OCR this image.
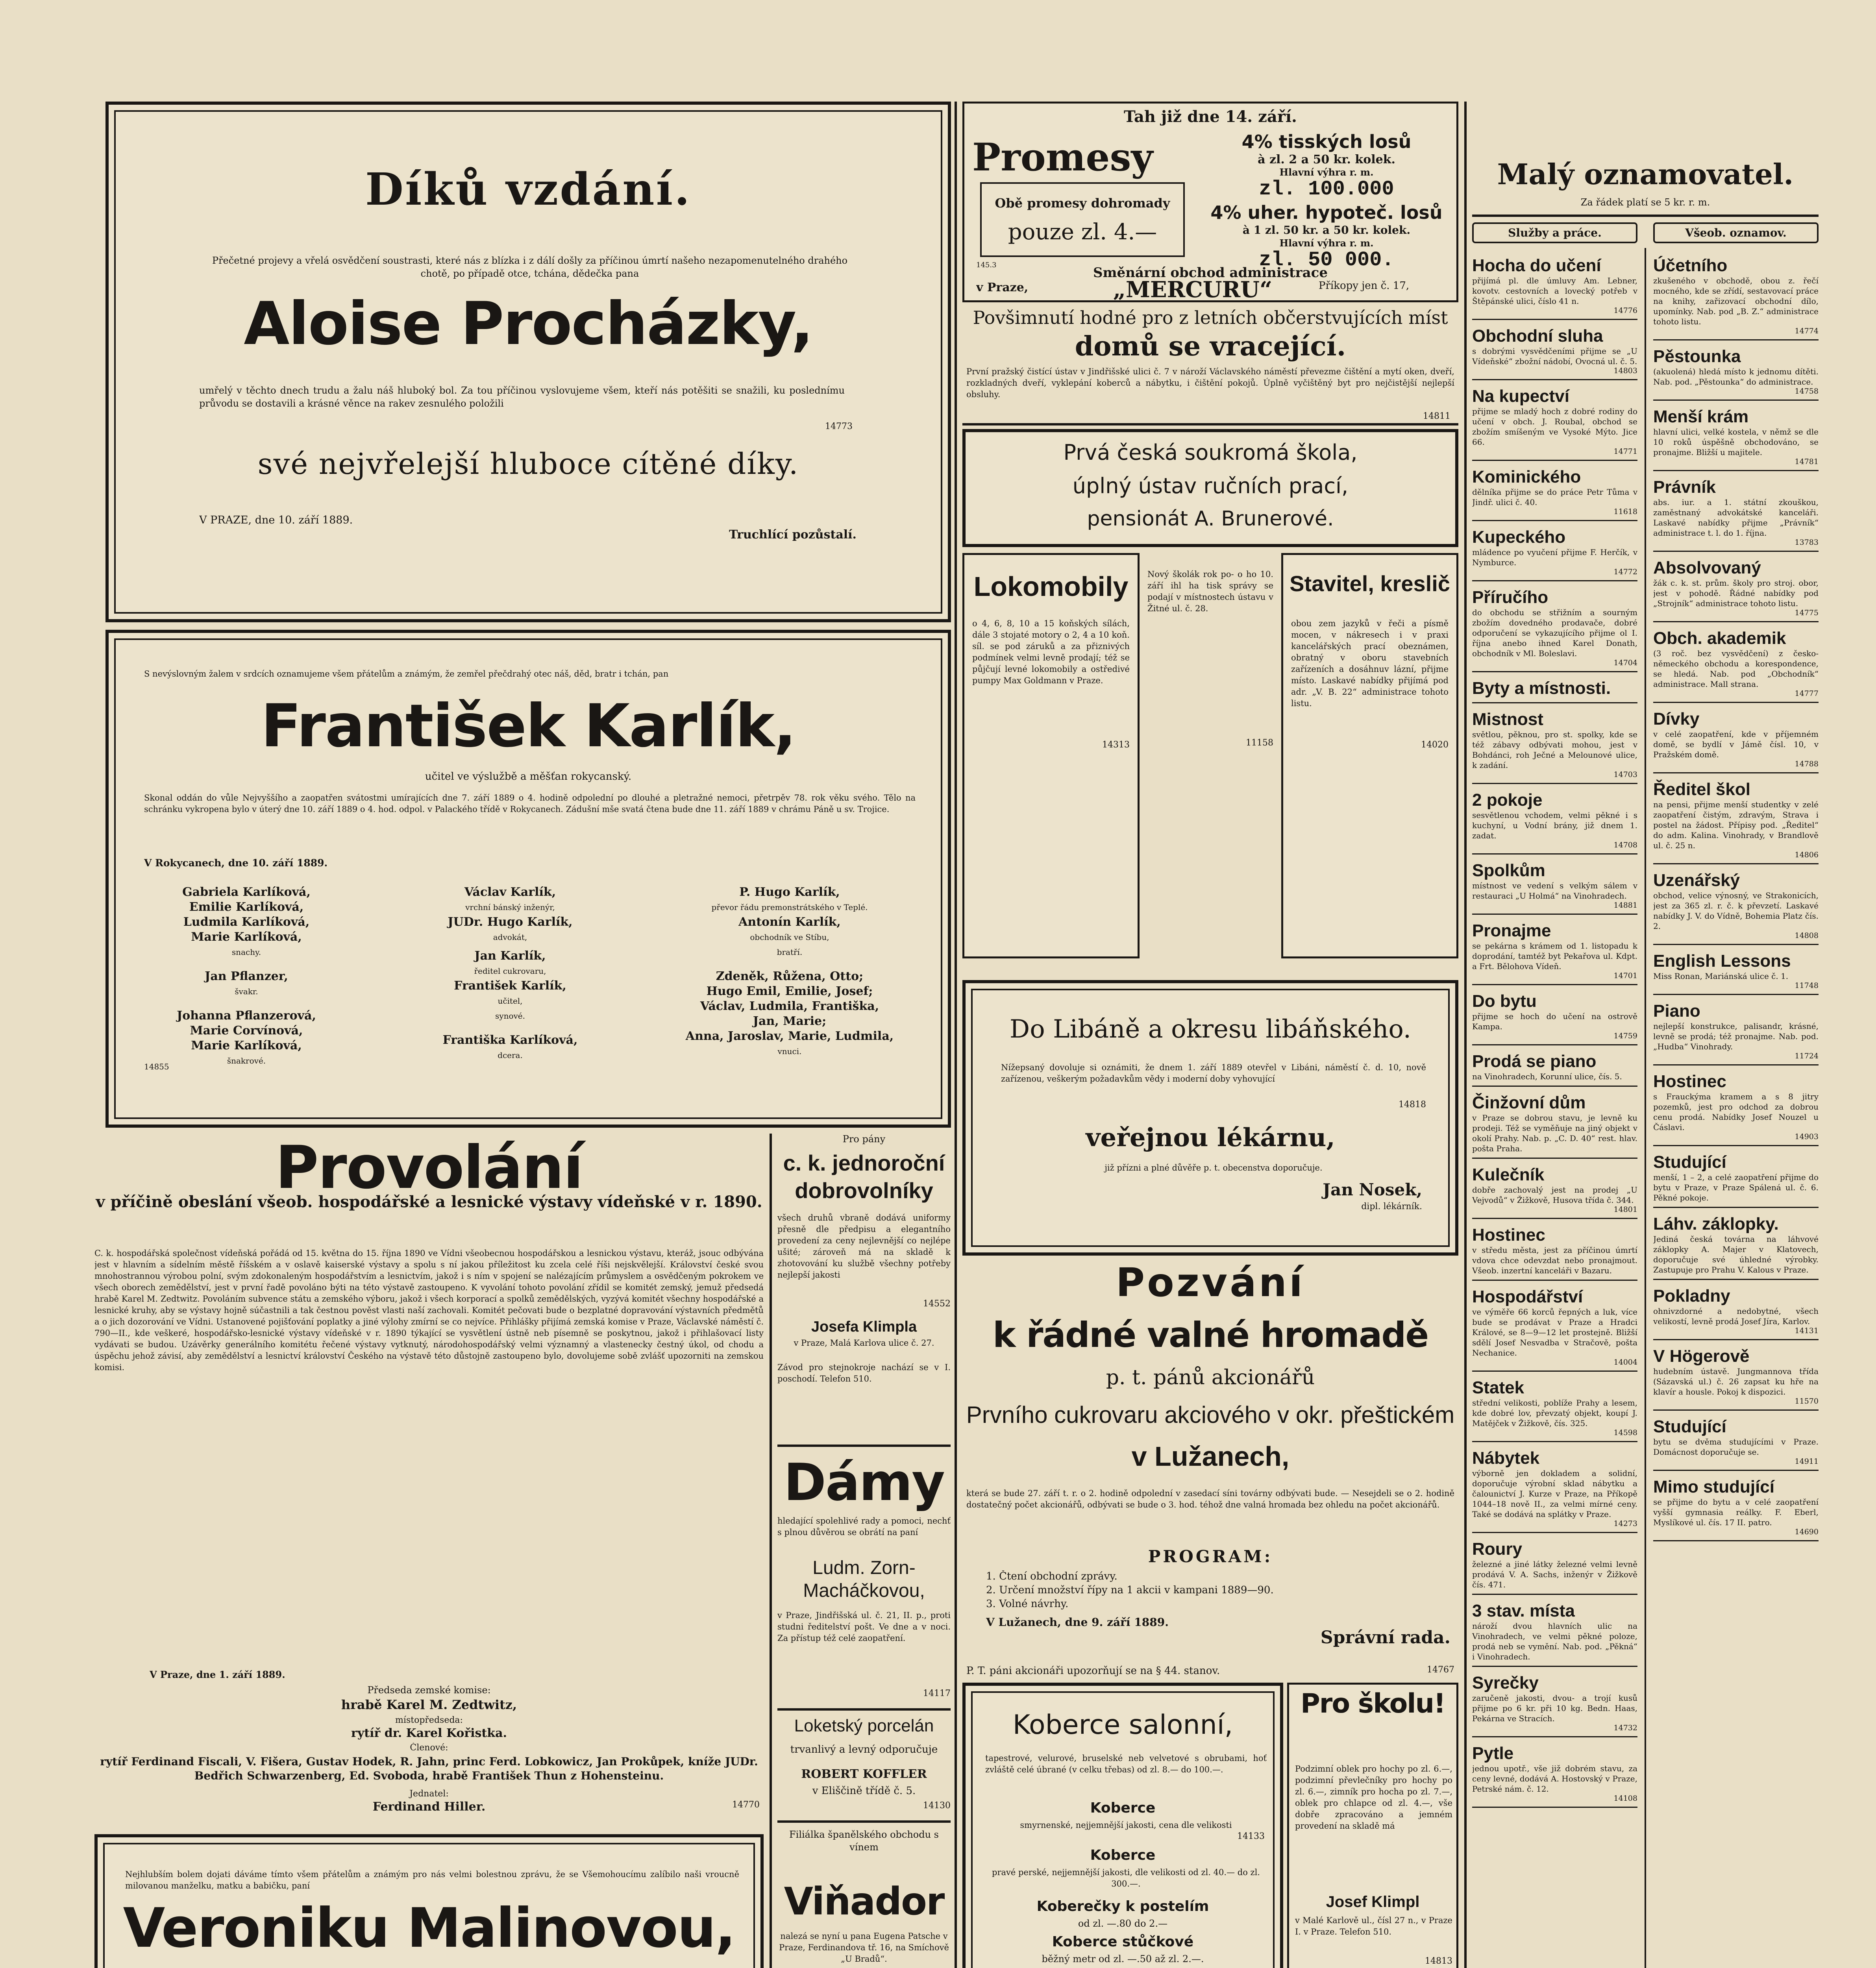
Díků vzdání.
Přečetné projevy a vřelá osvědčení soustrasti, které nás z blízka i z dálí došly za příčinou úmrtí našeho nezapomenutelného drahého chotě, po případě otce, tchána, dědečka pana
Aloise Procházky,
umřelý v těchto dnech trudu a žalu náš hluboký bol. Za tou příčinou vyslovujeme všem, kteří nás potěšiti se snažili, ku poslednímu průvodu se dostavili a krásné věnce na rakev zesnulého položili
14773
své nejvřelejší hluboce cítěné díky.
V PRAZE, dne 10. září 1889.
Truchlící pozůstalí.
S nevýslovným žalem v srdcích oznamujeme všem přátelům a známým, že zemřel přečdrahý otec náš, děd, bratr i tchán, pan
František Karlík,
učitel ve výslužbě a měšťan rokycanský.
Skonal oddán do vůle Nejvyššího a zaopatřen svátostmi umírajících dne 7. září 1889 o 4. hodině odpolední po dlouhé a pletražné nemoci, přetrpěv 78. rok věku svého. Tělo na schránku vykropena bylo v úterý dne 10. září 1889 o 4. hod. odpol. v Palackého třídě v Rokycanech. Zádušní mše svatá čtena bude dne 11. září 1889 v chrámu Páně u sv. Trojice.
V Rokycanech, dne 10. září 1889.
Gabriela Karlíková,
Emilie Karlíková,
Ludmila Karlíková,
Marie Karlíková,
snachy.
Jan Pflanzer,
švakr.
Johanna Pflanzerová,
Marie Corvínová,
Marie Karlíková,
šnakrové.
Václav Karlík,
vrchní bánský inženýr,
JUDr. Hugo Karlík,
advokát,
Jan Karlík,
ředitel cukrovaru,
František Karlík,
učitel,
synové.
Františka Karlíková,
dcera.
P. Hugo Karlík,
převor řádu premonstrátského v Teplé.
Antonín Karlík,
obchodník ve Stíbu,
bratří.
Zdeněk, Růžena, Otto;
Hugo Emil, Emilie, Josef;
Václav, Ludmila, Františka,
Jan, Marie;
Anna, Jaroslav, Marie, Ludmila,
vnuci.
14855
Provolání
v příčině obeslání všeob. hospodářské a lesnické výstavy vídeňské v r. 1890.
C. k. hospodářská společnost vídeňská pořádá od 15. května do 15. října 1890 ve Vídni všeobecnou hospodářskou a lesnickou výstavu, kteráž, jsouc odbývána jest v hlavním a sídelním městě říšském a v oslavě kaiserské výstavy a spolu s ní jakou příležitost ku zcela celé říši nejskvělejší. Království české svou mnohostrannou výrobou polní, svým zdokonaleným hospodářstvím a lesnictvím, jakož i s ním v spojení se nalézajícím průmyslem a osvědčeným pokrokem ve všech oborech zemědělství, jest v první řadě povoláno býti na této výstavě zastoupeno. K vyvolání tohoto povolání zřídil se komitét zemský, jemuž předsedá hrabě Karel M. Zedtwitz. Povoláním subvence státu a zemského výboru, jakož i všech korporací a spolků zemědělských, vyzývá komitét všechny hospodářské a lesnické kruhy, aby se výstavy hojně súčastnili a tak čestnou pověst vlasti naší zachovali. Komitét pečovati bude o bezplatné dopravování výstavních předmětů a o jich dozorování ve Vídni. Ustanovené pojišťování poplatky a jiné výlohy zmírní se co nejvíce. Přihlášky přijímá zemská komise v Praze, Václavské náměstí č. 790—II., kde veškeré, hospodářsko-lesnické výstavy vídeňské v r. 1890 týkající se vysvětlení ústně neb písemně se poskytnou, jakož i přihlašovací listy vydávati se budou. Uzávěrky generálního komitétu řečené výstavy vytknutý, národohospodářský velmi významný a vlastenecky čestný úkol, od chodu a úspěchu jehož závisí, aby zemědělství a lesnictví království Českého na výstavě této důstojně zastoupeno bylo, dovolujeme sobě zvlášť upozorniti na zemskou komisi.
V Praze, dne 1. září 1889.
Předseda zemské komise:
hrabě Karel M. Zedtwitz,
místopředseda:
rytíř dr. Karel Kořistka.
Členové:
rytíř Ferdinand Fiscali, V. Fišera, Gustav Hodek, R. Jahn, princ Ferd. Lobkowicz, Jan Prokůpek, kníže JUDr. Bedřich Schwarzenberg, Ed. Svoboda, hrabě František Thun z Hohensteinu.
Jednatel:
Ferdinand Hiller.	14770
Nejhlubším bolem dojati dáváme tímto všem přátelům a známým pro nás velmi bolestnou zprávu, že se Všemohoucímu zalíbilo naši vroucně milovanou manželku, matku a babičku, paní
Veroniku Malinovou,
Pro pány
c. k. jednoroční dobrovolníky
všech druhů vbraně dodává uniformy přesně dle předpisu a elegantního provedení za ceny nejlevnější co nejlépe ušité; zároveň má na skladě k zhotovování ku službě všechny potřeby nejlepší jakosti
Josefa Klimpla
v Praze, Malá Karlova ulice č. 27.
Závod pro stejnokroje nachází se v I. poschodí. Telefon 510.
14552
Dámy
hledající spolehlivé rady a pomoci, nechť s plnou důvěrou se obrátí na paní
Ludm. Zorn-Macháčkovou,
v Praze, Jindřišská ul. č. 21, II. p., proti studni ředitelství pošt. Ve dne a v noci. Za přístup též celé zaopatření.
14117
Loketský porcelán
trvanlivý a levný odporučuje
ROBERT KOFFLER
v Eliščině třídě č. 5.
14130
Filiálka španělského obchodu s vínem
Viňador
nalezá se nyní u pana Eugena Patsche v Praze, Ferdinandova tř. 16, na Smíchově „U Bradů“.
Tah již dne 14. září.
Promesy	4% tisských losů
à zl. 2 a 50 kr. kolek.
Hlavní výhra r. m.
zl. 100.000
4% uher. hypoteč. losů
à 1 zl. 50 kr. a 50 kr. kolek.
Hlavní výhra r. m.
zl. 50 000.
Obě promesy dohromady
pouze zl. 4.—
145.3	Směnární obchod administrace
v Praze,	„MERCURU“	Příkopy jen č. 17,
Povšimnutí hodné pro z letních občerstvujících míst
domů se vracející.
První pražský čistící ústav v Jindřišské ulici č. 7 v nároží Václavského náměstí převezme čištění a mytí oken, dveří, rozkladných dveří, vyklepání koberců a nábytku, i čištění pokojů. Úplně vyčištěný byt pro nejčistější nejlepší obsluhy.
14811
Prvá česká soukromá škola,
úplný ústav ručních prací,
pensionát A. Brunerové.
Lokomobily
o 4, 6, 8, 10 a 15 koňských sílách, dále 3 stojaté motory o 2, 4 a 10 koň. síl. se pod záruků a za přiznivých podmínek velmi levně prodají; též se půjčují levné lokomobily a ostředivé pumpy Max Goldmann v Praze.
14313
Nový školák rok po- o ho 10. září ihl ha tisk správy se podají v místnostech ústavu v Žitné ul. č. 28.
11158
Stavitel, kreslič
obou zem jazyků v řeči a písmě mocen, v nákresech i v praxi kancelářských prací obeznámen, obratný v oboru stavebních zařízeních a dosáhnuv lázní, přijme místo. Laskavé nabídky přijímá pod adr. „V. B. 22“ administrace tohoto listu.
14020
Do Libáně a okresu libáňského.
Nížepsaný dovoluje si oznámiti, že dnem 1. září 1889 otevřel v Libáni, náměstí č. d. 10, nově zařízenou, veškerým požadavkům vědy i moderní doby vyhovující
14818
veřejnou lékárnu,
již přízni a plné důvěře p. t. obecenstva doporučuje.
Jan Nosek,
dipl. lékárník.
Pozvání
k řádné valné hromadě
p. t. pánů akcionářů
Prvního cukrovaru akciového v okr. přeštickém
v Lužanech,
která se bude 27. září t. r. o 2. hodině odpolední v zasedací síni továrny odbývati bude. — Nesejdeli se o 2. hodině dostatečný počet akcionářů, odbývati se bude o 3. hod. téhož dne valná hromada bez ohledu na počet akcionářů.
PROGRAM:
1. Čtení obchodní zprávy.
2. Určení množství řípy na 1 akcii v kampani 1889—90.
3. Volné návrhy.
V Lužanech, dne 9. září 1889.
Správní rada.
P. T. páni akcionáři upozorňují se na § 44. stanov.	14767
Koberce salonní,
tapestrové, velurové, bruselské neb velvetové s obrubami, hoť zvláště celé úbrané (v celku třebas) od zl. 8.— do 100.—.
Koberce
smyrnenské, nejjemnější jakosti, cena dle velikosti
14133
Koberce
pravé perské, nejjemnější jakosti, dle velikosti od zl. 40.— do zl. 300.—.
Koberečky k postelím
od zl. —.80 do 2.—
Koberce stůčkové
běžný metr od zl. —.50 až zl. 2.—.
Pro školu!
Podzimní oblek pro hochy po zl. 6.—, podzimní převlečníky pro hochy po zl. 6.—, zimník pro hocha po zl. 7.—, oblek pro chlapce od zl. 4.—, vše dobře zpracováno a jemném provedení na skladě má
Josef Klimpl
v Malé Karlově ul., čísl 27 n., v Praze I. v Praze. Telefon 510.
14813
Malý oznamovatel.
Za řádek platí se 5 kr. r. m.
Služby a práce.	Všeob. oznamov.
Hocha do učení
přijímá pl. dle úmluvy Am. Lebner, kovotv. cestovních a lovecký potřeb v Štěpánské ulici, číslo 41 n.
14776
Obchodní sluha
s dobrými vysvědčeními přijme se „U Vídeňské“ zbožní nádobí, Ovocná ul. č. 5.
14803
Na kupectví
přijme se mladý hoch z dobré rodiny do učení v obch. J. Roubal, obchod se zbožím smíšeným ve Vysoké Mýto. Jice 66.
14771
Kominického
dělníka přijme se do práce Petr Tůma v Jindř. ulici č. 40.
11618
Kupeckého
mládence po vyučení přijme F. Herčík, v Nymburce.
14772
Příručího
do obchodu se střižním a sourným zbožím dovedného prodavače, dobré odporučení se vykazujícího přijme ol I. října anebo ihned Karel Donath, obchodník v Ml. Boleslavi.
14704
Byty a místnosti.
Mistnost
světlou, pěknou, pro st. spolky, kde se též zábavy odbývati mohou, jest v Bohdánci, roh Ječné a Melounové ulice, k zadání.
14703
2 pokoje
sesvětlenou vchodem, velmi pěkné i s kuchyní, u Vodní brány, již dnem 1. zadat.
14708
Spolkům
místnost ve vedení s velkým sálem v restauraci „U Holmá“ na Vinohradech.
14881
Pronajme
se pekárna s krámem od 1. listopadu k doprodání, tamtéž byt Pekařova ul. Kdpt. a Frt. Bělohova Vídeň.
14701
Do bytu
přijme se hoch do učení na ostrově Kampa.
14759
Prodá se piano
na Vinohradech, Korunní ulice, čís. 5.
Činžovní dům
v Praze se dobrou stavu, je levně ku prodeji. Též se vyměňuje na jiný objekt v okolí Prahy. Nab. p. „C. D. 40“ rest. hlav. pošta Praha.
Kulečník
dobře zachovalý jest na prodej „U Vejvodů“ v Žižkově, Husova třída č. 344.
14801
Hostinec
v středu města, jest za příčinou úmrtí vdova chce odevzdat nebo pronajmout. Všeob. inzertní kanceláři v Bazaru.
Hospodářství
ve výměře 66 korců řepných a luk, více bude se prodávat v Praze a Hradci Králové, se 8—9—12 let prostejně. Bližší sdělí Josef Nesvadba v Stračově, pošta Nechanice.
14004
Statek
střední velikosti, poblíže Prahy a lesem, kde dobré lov, převzatý objekt, koupí J. Matějček v Žižkově, čís. 325.
14598
Nábytek
výborně jen dokladem a solidní, doporučuje výrobní sklad nábytku a čalounictví J. Kurze v Praze, na Příkopě 1044–18 nově II., za velmi mírné ceny. Také se dodává na splátky v Praze.
14273
Roury
železné a jiné látky železné velmi levně prodává V. A. Sachs, inženýr v Žižkově čís. 471.
3 stav. místa
nároží dvou hlavních ulic na Vinohradech, ve velmi pěkné poloze, prodá neb se vymění. Nab. pod. „Pěkná“ i Vinohradech.
Syrečky
zaručeně jakosti, dvou- a trojí kusů přijme po 6 kr. při 10 kg. Bedn. Haas, Pekárna ve Stracích.
14732
Pytle
jednou upotř., vše již dobrém stavu, za ceny levné, dodává A. Hostovský v Praze, Petrské nám. č. 12.
14108
Účetního
zkušeného v obchodě, obou z. řečí mocného, kde se zřídí, sestavovací práce na knihy, zařizovací obchodní dílo, upomínky. Nab. pod „B. Z.“ administrace tohoto listu.
14774
Pěstounka
(akuolená) hledá místo k jednomu dítěti. Nab. pod. „Pěstounka“ do administrace.
14758
Menší krám
hlavní ulici, velké kostela, v němž se dle 10 roků úspěšně obchodováno, se pronajme. Bližší u majitele.
14781
Právník
abs. iur. a 1. státní zkouškou, zaměstnaný advokátské kanceláři. Laskavé nabídky přijme „Právník“ administrace t. l. do 1. října.
13783
Absolvovaný
žák c. k. st. prům. školy pro stroj. obor, jest v pohodě. Řádné nabídky pod „Strojník“ administrace tohoto listu.
14775
Obch. akademik
(3 roč. bez vysvědčení) z česko-německého obchodu a korespondence, se hledá. Nab. pod „Obchodník“ administrace. Mall strana.
14777
Dívky
v celé zaopatření, kde v příjemném domě, se bydlí v Jámě čísl. 10, v Pražském domě.
14788
Ředitel škol
na pensi, přijme menší studentky v zelé zaopatření čistým, zdravým, Strava i postel na žádost. Přípisy pod. „Ředitel“ do adm. Kalina. Vinohrady, v Brandlově ul. č. 25 n.
14806
Uzenářský
obchod, velice výnosný, ve Strakonicích, jest za 365 zl. r. č. k převzetí. Laskavé nabídky J. V. do Vídně, Bohemia Platz čís. 2.
14808
English Lessons
Miss Ronan, Mariánská ulice č. 1.
11748
Piano
nejlepší konstrukce, palisandr, krásné, levně se prodá; též pronajme. Nab. pod. „Hudba“ Vinohrady.
11724
Hostinec
s Frauckýma kramem a s 8 jitry pozemků, jest pro odchod za dobrou cenu prodá. Nabídky Josef Nouzel u Čáslavi.
14903
Studující
menší, 1 – 2, a celé zaopatření přijme do bytu v Praze, v Praze Spálená ul. č. 6. Pěkné pokoje.
Láhv. záklopky.
Jediná česká továrna na láhvové záklopky A. Majer v Klatovech, doporučuje své úhledné výrobky. Zastupuje pro Prahu V. Kalous v Praze.
Pokladny
ohnivzdorné a nedobytné, všech velikostí, levně prodá Josef Jíra, Karlov.
14131
V Högerově
hudebním ústavě. Jungmannova třída (Sázavská ul.) č. 26 zapsat ku hře na klavír a housle. Pokoj k dispozici.
11570
Studující
bytu se dvěma studujícími v Praze. Domácnost doporučuje se.
14911
Mimo studující
se přijme do bytu a v celé zaopatření vyšší gymnasia reálky. F. Eberl, Myslíkové ul. čís. 17 II. patro.
14690
